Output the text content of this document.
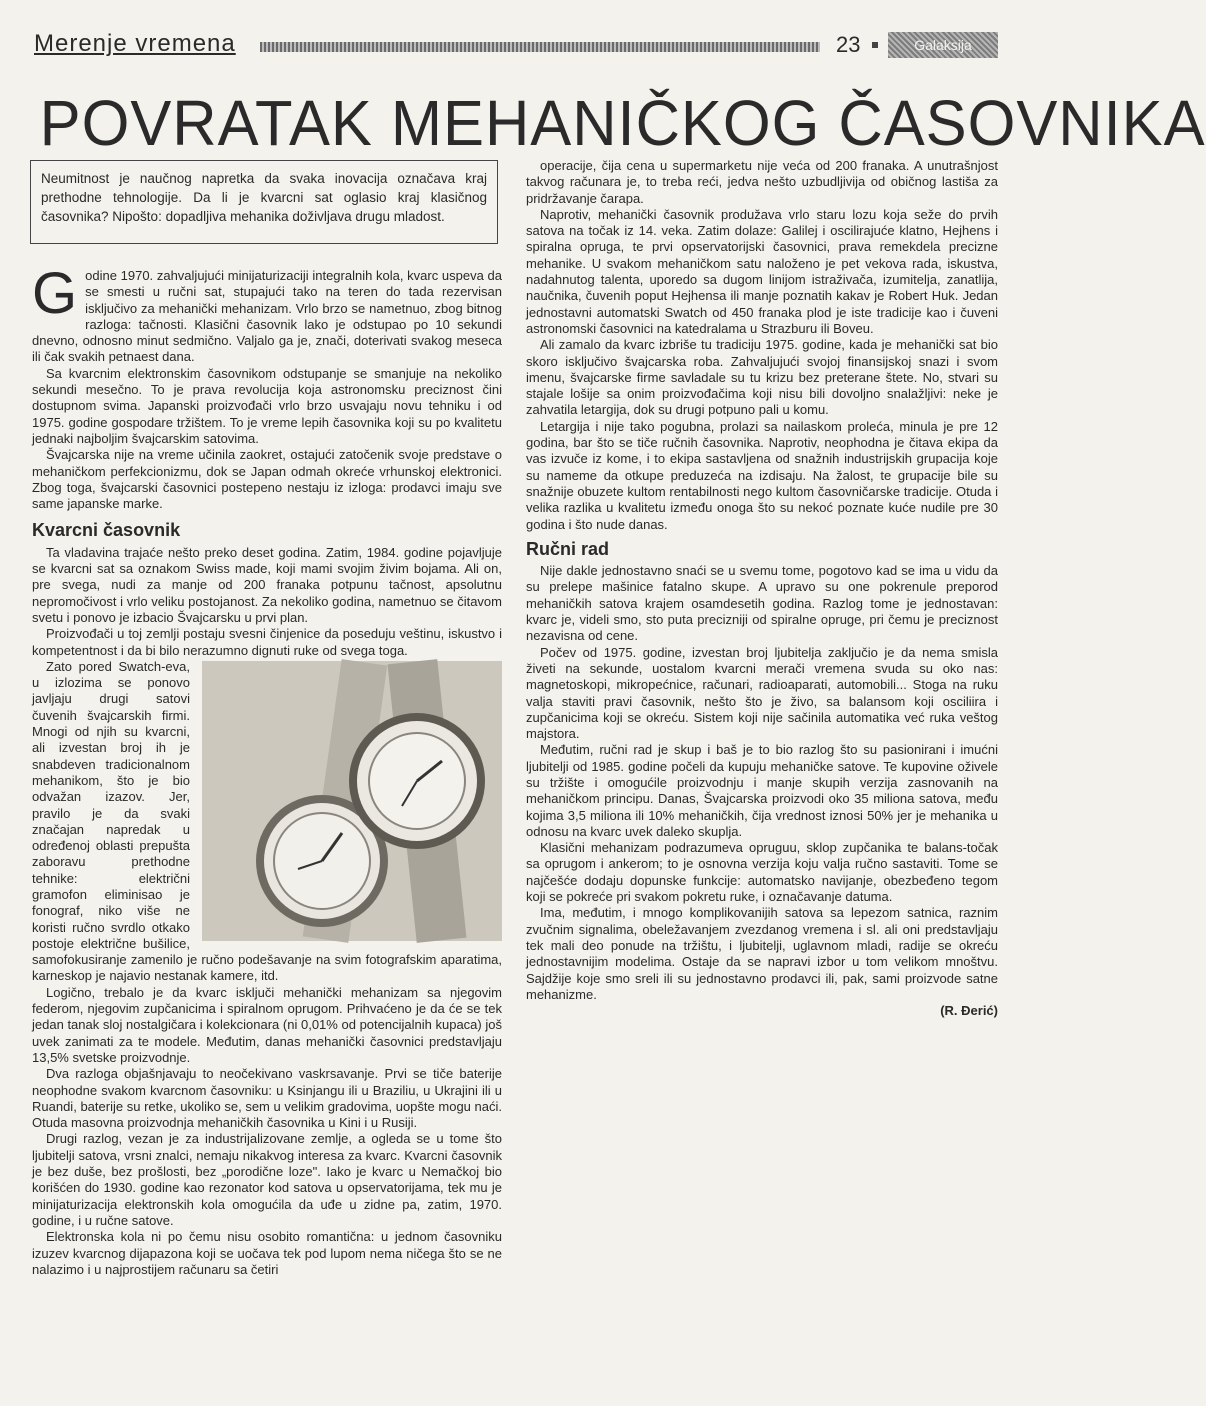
Merenje vremena	23	Galaksija
POVRATAK MEHANIČKOG ČASOVNIKA
Neumitnost je naučnog napretka da svaka inovacija označava kraj prethodne tehnologije. Da li je kvarcni sat oglasio kraj klasičnog časovnika? Nipošto: dopadljiva mehanika doživljava drugu mladost.
G odine 1970. zahvaljujući minijaturizaciji integralnih kola, kvarc uspeva da se smesti u ručni sat, stupajući tako na teren do tada rezervisan isključivo za mehanički mehanizam. Vrlo brzo se nametnuo, zbog bitnog razloga: tačnosti. Klasični časovnik lako je odstupao po 10 sekundi dnevno, odnosno minut sedmično. Valjalo ga je, znači, doterivati svakog meseca ili čak svakih petnaest dana.

Sa kvarcnim elektronskim časovnikom odstupanje se smanjuje na nekoliko sekundi mesečno. To je prava revolucija koja astronomsku preciznost čini dostupnom svima. Japanski proizvođači vrlo brzo usvajaju novu tehniku i od 1975. godine gospodare tržištem. To je vreme lepih časovnika koji su po kvalitetu jednaki najboljim švajcarskim satovima.

Švajcarska nije na vreme učinila zaokret, ostajući zatočenik svoje predstave o mehaničkom perfekcionizmu, dok se Japan odmah okreće vrhunskoj elektronici. Zbog toga, švajcarski časovnici postepeno nestaju iz izloga: prodavci imaju sve same japanske marke.

Kvarcni časovnik

Ta vladavina trajaće nešto preko deset godina. Zatim, 1984. godine pojavljuje se kvarcni sat sa oznakom Swiss made, koji mami svojim živim bojama. Ali on, pre svega, nudi za manje od 200 franaka potpunu tačnost, apsolutnu nepromočivost i vrlo veliku postojanost. Za nekoliko godina, nametnuo se čitavom svetu i ponovo je izbacio Švajcarsku u prvi plan.

Proizvođači u toj zemlji postaju svesni činjenice da poseduju veštinu, iskustvo i kompetentnost i da bi bilo nerazumno dignuti ruke od svega toga.

Zato pored Swatch-eva, u izlozima se ponovo javljaju drugi satovi čuvenih švajcarskih firmi. Mnogi od njih su kvarcni, ali izvestan broj ih je snabdeven tradicionalnom mehanikom, što je bio odvažan izazov. Jer, pravilo je da svaki značajan napredak u određenoj oblasti prepušta zaboravu prethodne tehnike: električni gramofon eliminisao je fonograf, niko više ne koristi ručno svrdlo otkako postoje električne bušilice, samofokusiranje zamenilo je ručno podešavanje na svim fotografskim aparatima, karneskop je najavio nestanak kamere, itd.

Logično, trebalo je da kvarc isključi mehanički mehanizam sa njegovim federom, njegovim zupčanicima i spiralnom oprugom. Prihvaćeno je da će se tek jedan tanak sloj nostalgičara i kolekcionara (ni 0,01% od potencijalnih kupaca) još uvek zanimati za te modele. Međutim, danas mehanički časovnici predstavljaju 13,5% svetske proizvodnje.

Dva razloga objašnjavaju to neočekivano vaskrsavanje. Prvi se tiče baterije neophodne svakom kvarcnom časovniku: u Ksinjangu ili u Braziliu, u Ukrajini ili u Ruandi, baterije su retke, ukoliko se, sem u velikim gradovima, uopšte mogu naći. Otuda masovna proizvodnja mehaničkih časovnika u Kini i u Rusiji.

Drugi razlog, vezan je za industrijalizovane zemlje, a ogleda se u tome što ljubitelji satova, vrsni znalci, nemaju nikakvog interesa za kvarc. Kvarcni časovnik je bez duše, bez prošlosti, bez „porodične loze". Iako je kvarc u Nemačkoj bio korišćen do 1930. godine kao rezonator kod satova u opservatorijama, tek mu je minijaturizacija elektronskih kola omogućila da uđe u zidne pa, zatim, 1970. godine, i u ručne satove.

Elektronska kola ni po čemu nisu osobito romantična: u jednom časovniku izuzev kvarcnog dijapazona koji se uočava tek pod lupom nema ničega što se ne nalazimo i u najprostijem računaru sa četiri

operacije, čija cena u supermarketu nije veća od 200 franaka. A unutrašnjost takvog računara je, to treba reći, jedva nešto uzbudljivija od običnog lastiša za pridržavanje čarapa.

Naprotiv, mehanički časovnik produžava vrlo staru lozu koja seže do prvih satova na točak iz 14. veka. Zatim dolaze: Galilej i oscilirajuće klatno, Hejhens i spiralna opruga, te prvi opservatorijski časovnici, prava remekdela precizne mehanike. U svakom mehaničkom satu naloženo je pet vekova rada, iskustva, nadahnutog talenta, uporedo sa dugom linijom istraživača, izumitelja, zanatlija, naučnika, čuvenih poput Hejhensa ili manje poznatih kakav je Robert Huk. Jedan jednostavni automatski Swatch od 450 franaka plod je iste tradicije kao i čuveni astronomski časovnici na katedralama u Strazburu ili Boveu.

Ali zamalo da kvarc izbriše tu tradiciju 1975. godine, kada je mehanički sat bio skoro isključivo švajcarska roba. Zahvaljujući svojoj finansijskoj snazi i svom imenu, švajcarske firme savladale su tu krizu bez preterane štete. No, stvari su stajale lošije sa onim proizvođačima koji nisu bili dovoljno snalažljivi: neke je zahvatila letargija, dok su drugi potpuno pali u komu.

Letargija i nije tako pogubna, prolazi sa nailaskom proleća, minula je pre 12 godina, bar što se tiče ručnih časovnika. Naprotiv, neophodna je čitava ekipa da vas izvuče iz kome, i to ekipa sastavljena od snažnih industrijskih grupacija koje su nameme da otkupe preduzeća na izdisaju. Na žalost, te grupacije bile su snažnije obuzete kultom rentabilnosti nego kultom časovničarske tradicije. Otuda i velika razlika u kvalitetu između onoga što su nekoć poznate kuće nudile pre 30 godina i što nude danas.

Ručni rad

Nije dakle jednostavno snaći se u svemu tome, pogotovo kad se ima u vidu da su prelepe mašinice fatalno skupe. A upravo su one pokrenule preporod mehaničkih satova krajem osamdesetih godina. Razlog tome je jednostavan: kvarc je, videli smo, sto puta precizniji od spiralne opruge, pri čemu je preciznost nezavisna od cene.

Počev od 1975. godine, izvestan broj ljubitelja zaključio je da nema smisla živeti na sekunde, uostalom kvarcni merači vremena svuda su oko nas: magnetoskopi, mikropećnice, računari, radioaparati, automobili... Stoga na ruku valja staviti pravi časovnik, nešto što je živo, sa balansom koji osciliira i zupčanicima koji se okreću. Sistem koji nije sačinila automatika već ruka veštog majstora.

Međutim, ručni rad je skup i baš je to bio razlog što su pasionirani i imućni ljubitelji od 1985. godine počeli da kupuju mehaničke satove. Te kupovine oživele su tržište i omogućile proizvodnju i manje skupih verzija zasnovanih na mehaničkom principu. Danas, Švajcarska proizvodi oko 35 miliona satova, među kojima 3,5 miliona ili 10% mehaničkih, čija vrednost iznosi 50% jer je mehanika u odnosu na kvarc uvek daleko skuplja.

Klasični mehanizam podrazumeva opruguu, sklop zupčanika te balans-točak sa oprugom i ankerom; to je osnovna verzija koju valja ručno sastaviti. Tome se najčešće dodaju dopunske funkcije: automatsko navijanje, obezbeđeno tegom koji se pokreće pri svakom pokretu ruke, i označavanje datuma.

Ima, međutim, i mnogo komplikovanijih satova sa lepezom satnica, raznim zvučnim signalima, obeležavanjem zvezdanog vremena i sl. ali oni predstavljaju tek mali deo ponude na tržištu, i ljubitelji, uglavnom mladi, radije se okreću jednostavnijim modelima. Ostaje da se napravi izbor u tom velikom mnoštvu. Sajdžije koje smo sreli ili su jednostavno prodavci ili, pak, sami proizvode satne mehanizme.

(R. Đerić)
